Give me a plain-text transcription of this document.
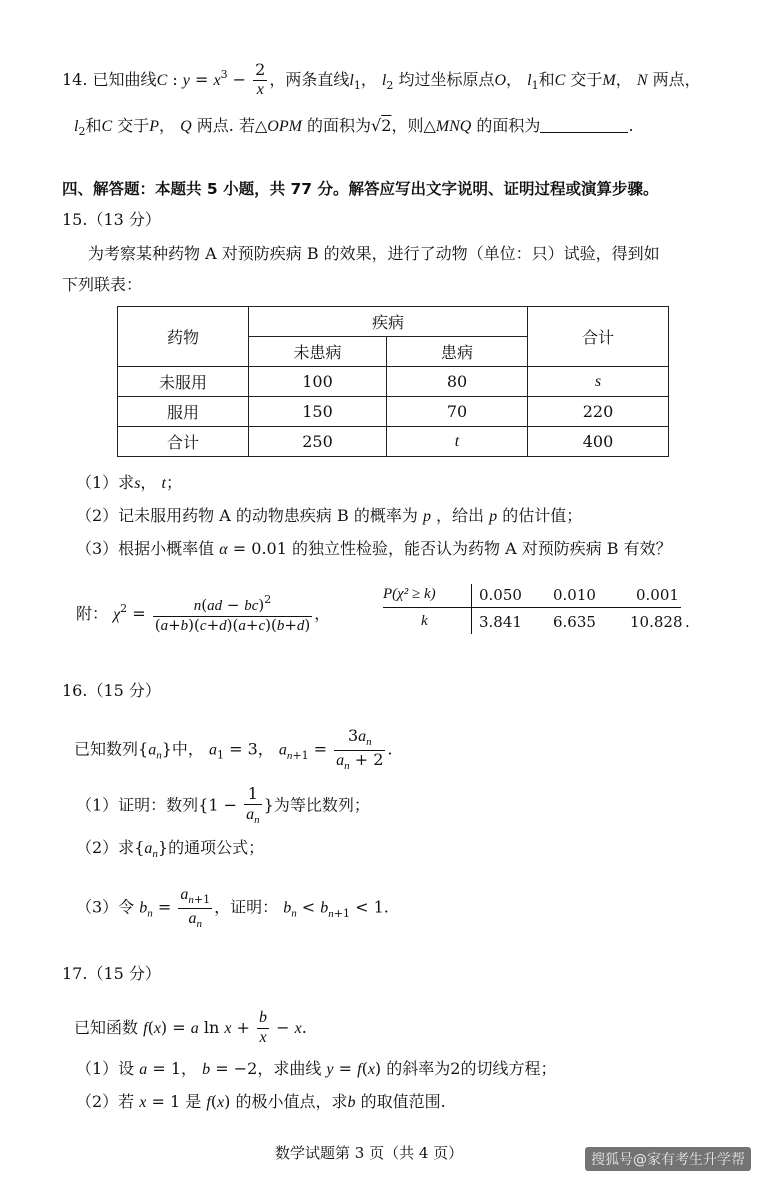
14. 已知曲线C : $y = x^3 - \frac{2}{x}$ ，两条直线$l_1$， $l_2$ 均过坐标原点O， $l_1$和C 交于M， N 两点，
$l_2$和C 交于P， Q 两点. 若△OPM 的面积为√2，则△MNQ 的面积为	.
四、解答题：本题共 5 小题，共 77 分。解答应写出文字说明、证明过程或演算步骤。
15.（13 分）
为考察某种药物 A 对预防疾病 B 的效果，进行了动物（单位：只）试验，得到如
下列联表：
药物	疾病		合计
	未患病	患病	
未服用	100	80	s
服用	150	70	220
合计	250	t	400
（1）求s， t；
（2）记未服用药物 A 的动物患疾病 B 的概率为 p ，给出 p 的估计值；
（3）根据小概率值 α = 0.01 的独立性检验，能否认为药物 A 对预防疾病 B 有效？
附： $\chi^2 = \frac{n(ad - bc)^2}{(a+b)(c+d)(a+c)(b+d)}$ ，
P(χ² ≥ k)	0.050 0.010	0.001
k	3.841 6.635 10.828 .
16.（15 分）
已知数列$\{a_n\}$中， $a_1 = 3$， $a_{n+1} = \frac{3a_n}{a_n + 2}$ .
（1）证明：数列{$1 - \frac{1}{a_n}$ }为等比数列；
（2）求$\{a_n\}$的通项公式；
（3）令 $b_n = \frac{a_{n+1}}{a_n}$ ，证明： $b_n < b_{n+1} < 1$.
17.（15 分）
已知函数 f(x) = a $\ln x + \frac{b}{x} - x$.
（1）设 a = 1， b = −2，求曲线 y = f(x) 的斜率为2的切线方程；
（2）若 x = 1 是 f(x) 的极小值点，求b 的取值范围.
数学试题第 3 页（共 4 页）	搜狐号@家有考生升学帮
